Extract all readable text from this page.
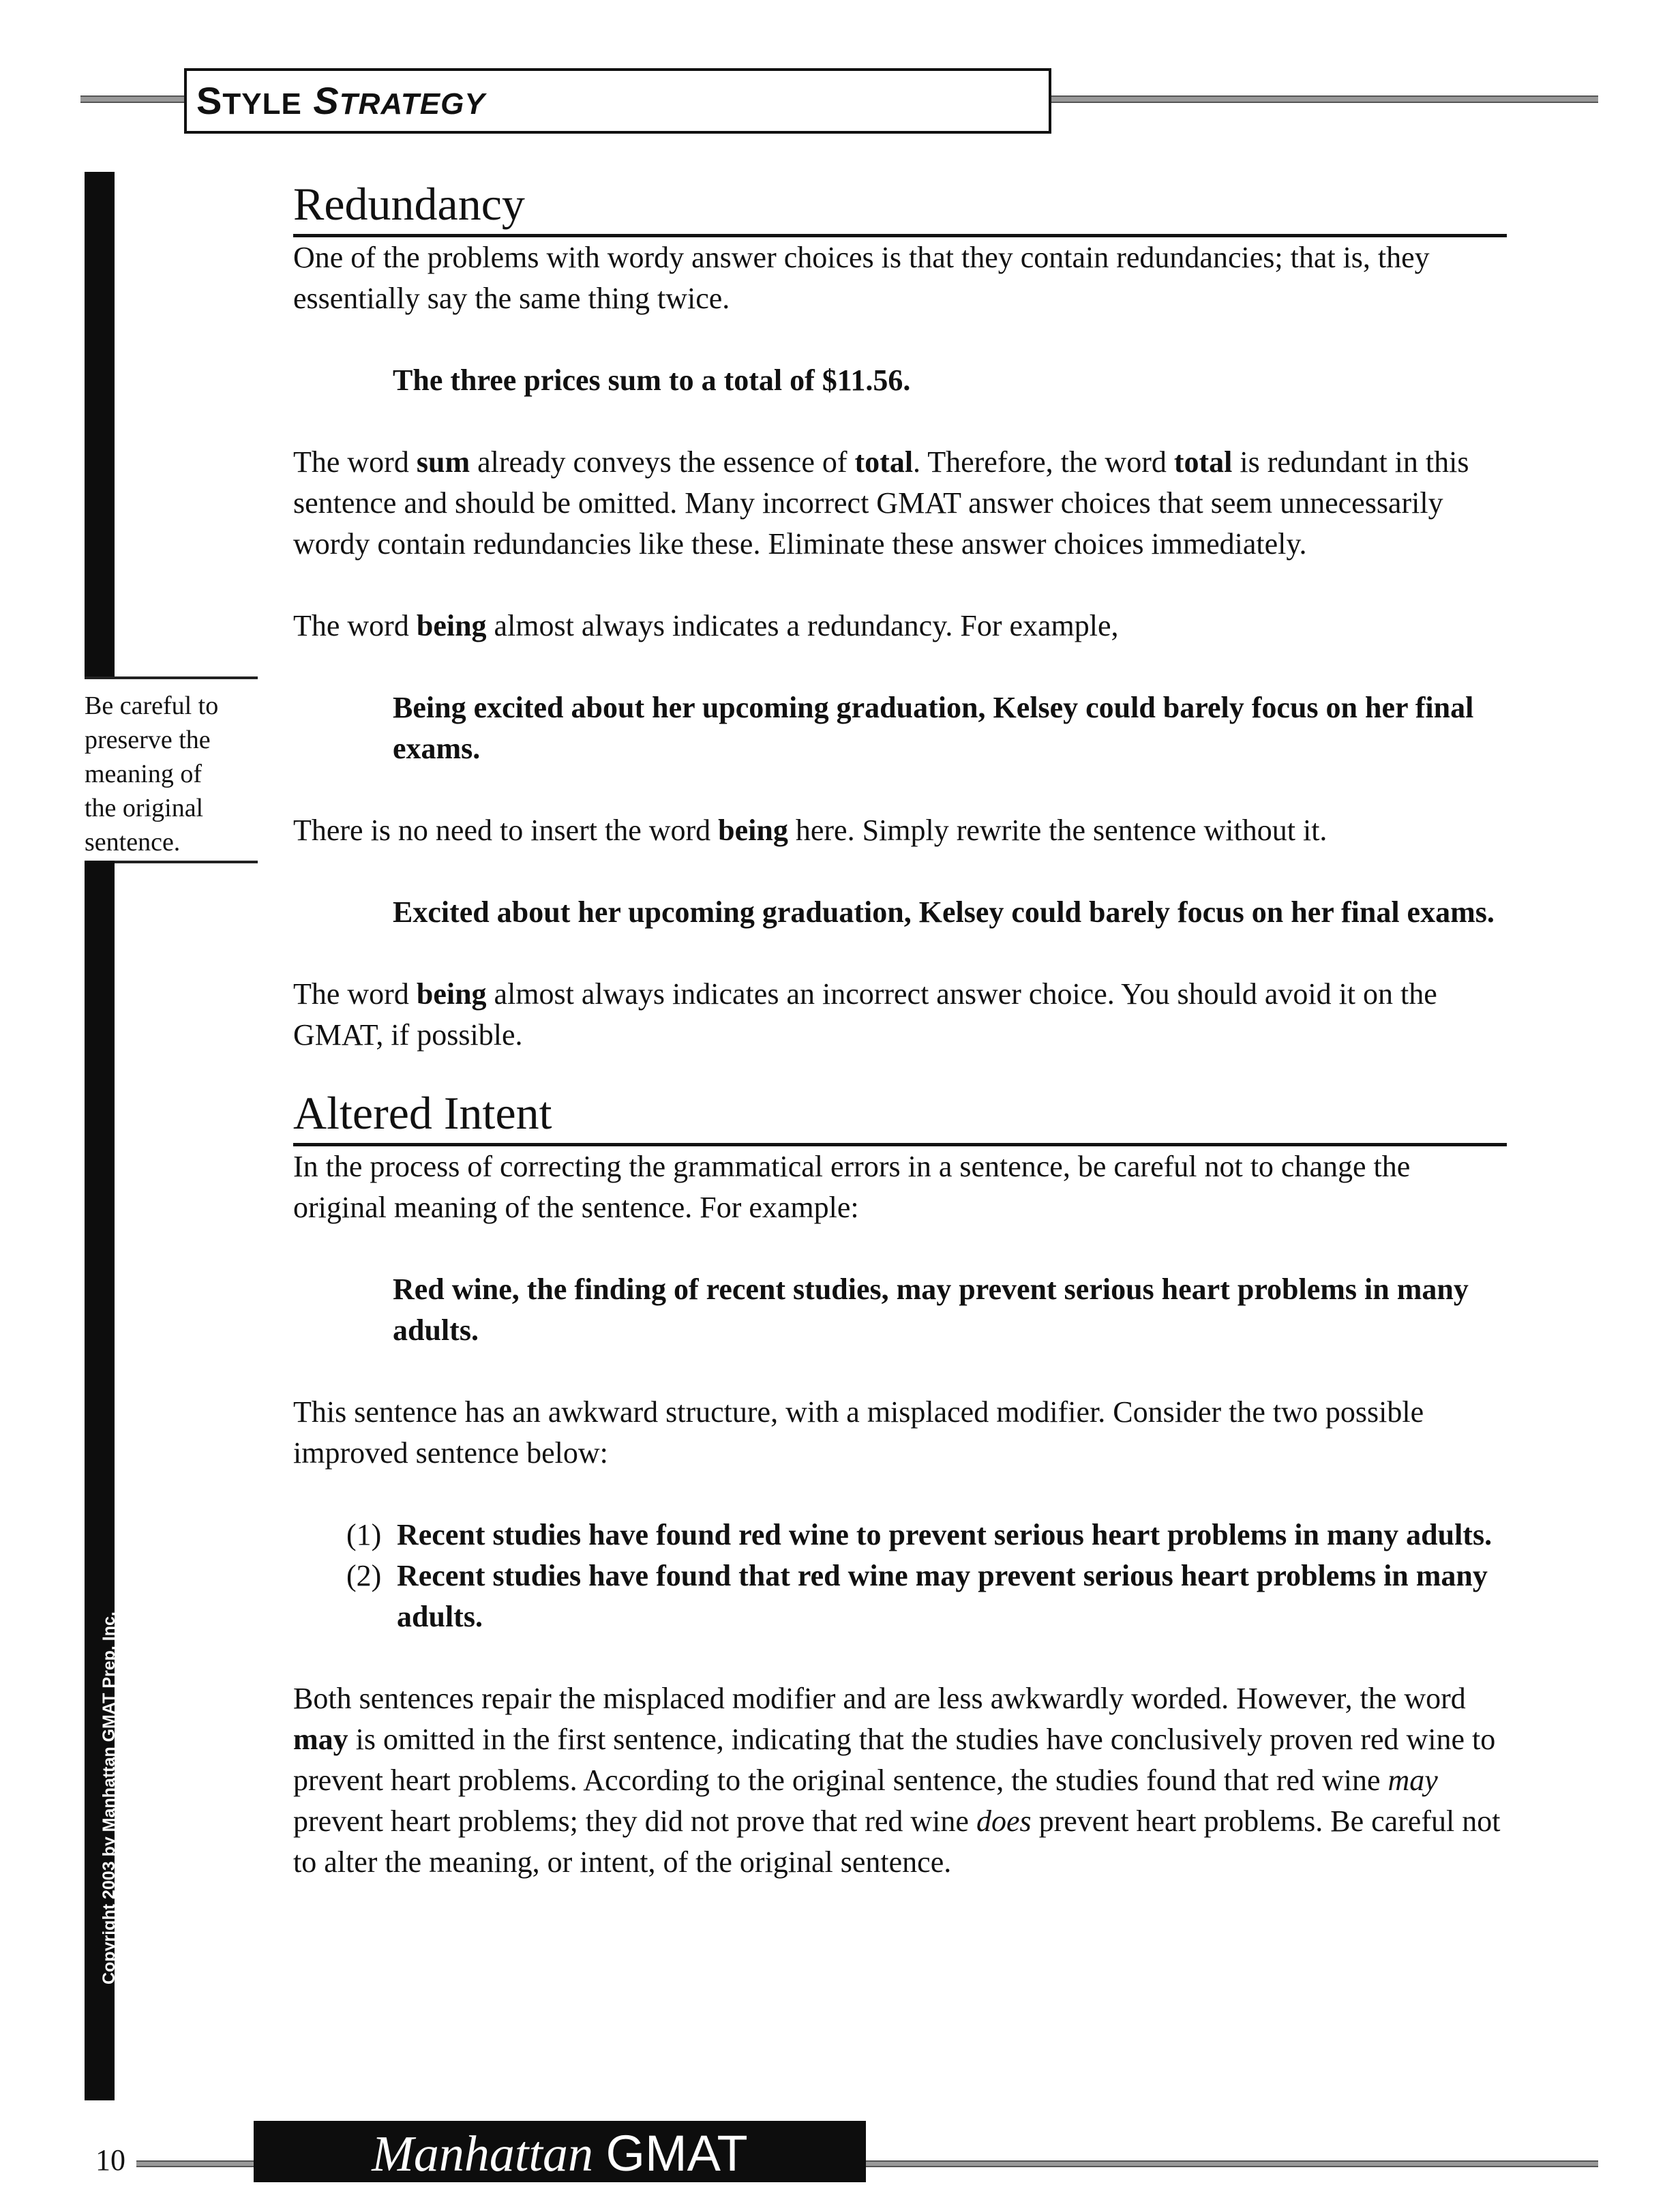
STYLE STRATEGY
Be careful to
preserve the
meaning of
the original
sentence.
Copyright 2003 by Manhattan GMAT Prep, Inc.
Redundancy

One of the problems with wordy answer choices is that they contain redundancies; that is, they essentially say the same thing twice.

The three prices sum to a total of $11.56.

The word sum already conveys the essence of total. Therefore, the word total is redundant in this sentence and should be omitted. Many incorrect GMAT answer choices that seem unnecessarily wordy contain redundancies like these. Eliminate these answer choices immediately.

The word being almost always indicates a redundancy. For example,

Being excited about her upcoming graduation, Kelsey could barely focus on her final exams.

There is no need to insert the word being here. Simply rewrite the sentence without it.

Excited about her upcoming graduation, Kelsey could barely focus on her final exams.

The word being almost always indicates an incorrect answer choice. You should avoid it on the GMAT, if possible.

Altered Intent

In the process of correcting the grammatical errors in a sentence, be careful not to change the original meaning of the sentence. For example:

Red wine, the finding of recent studies, may prevent serious heart problems in many adults.

This sentence has an awkward structure, with a misplaced modifier. Consider the two possible improved sentence below:

(1) Recent studies have found red wine to prevent serious heart problems in many adults.
(2) Recent studies have found that red wine may prevent serious heart problems in many adults.

Both sentences repair the misplaced modifier and are less awkwardly worded. However, the word may is omitted in the first sentence, indicating that the studies have conclusively proven red wine to prevent heart problems. According to the original sentence, the studies found that red wine may prevent heart problems; they did not prove that red wine does prevent heart problems. Be careful not to alter the meaning, or intent, of the original sentence.

10	Manhattan GMAT
